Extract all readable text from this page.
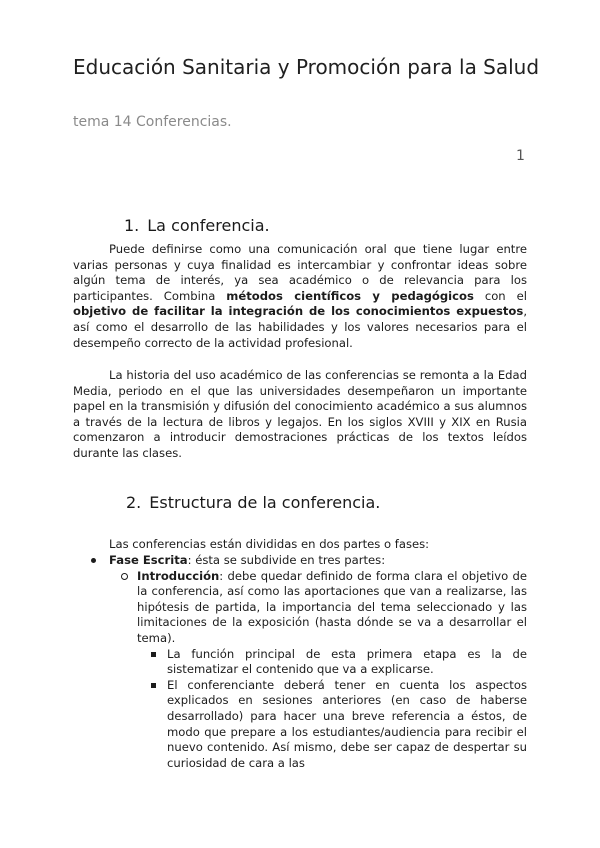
Educación Sanitaria y Promoción para la Salud
tema 14 Conferencias.
1
1. La conferencia.

Puede definirse como una comunicación oral que tiene lugar entre varias personas y cuya finalidad es intercambiar y confrontar ideas sobre algún tema de interés, ya sea académico o de relevancia para los participantes. Combina métodos científicos y pedagógicos con el objetivo de facilitar la integración de los conocimientos expuestos, así como el desarrollo de las habilidades y los valores necesarios para el desempeño correcto de la actividad profesional.

La historia del uso académico de las conferencias se remonta a la Edad Media, periodo en el que las universidades desempeñaron un importante papel en la transmisión y difusión del conocimiento académico a sus alumnos a través de la lectura de libros y legajos. En los siglos XVIII y XIX en Rusia comenzaron a introducir demostraciones prácticas de los textos leídos durante las clases.

2. Estructura de la conferencia.

Las conferencias están divididas en dos partes o fases:

Fase Escrita: ésta se subdivide en tres partes:
Introducción: debe quedar definido de forma clara el objetivo de la conferencia, así como las aportaciones que van a realizarse, las hipótesis de partida, la importancia del tema seleccionado y las limitaciones de la exposición (hasta dónde se va a desarrollar el tema).
La función principal de esta primera etapa es la de sistematizar el contenido que va a explicarse.
El conferenciante deberá tener en cuenta los aspectos explicados en sesiones anteriores (en caso de haberse desarrollado) para hacer una breve referencia a éstos, de modo que prepare a los estudiantes/audiencia para recibir el nuevo contenido. Así mismo, debe ser capaz de despertar su curiosidad de cara a las
